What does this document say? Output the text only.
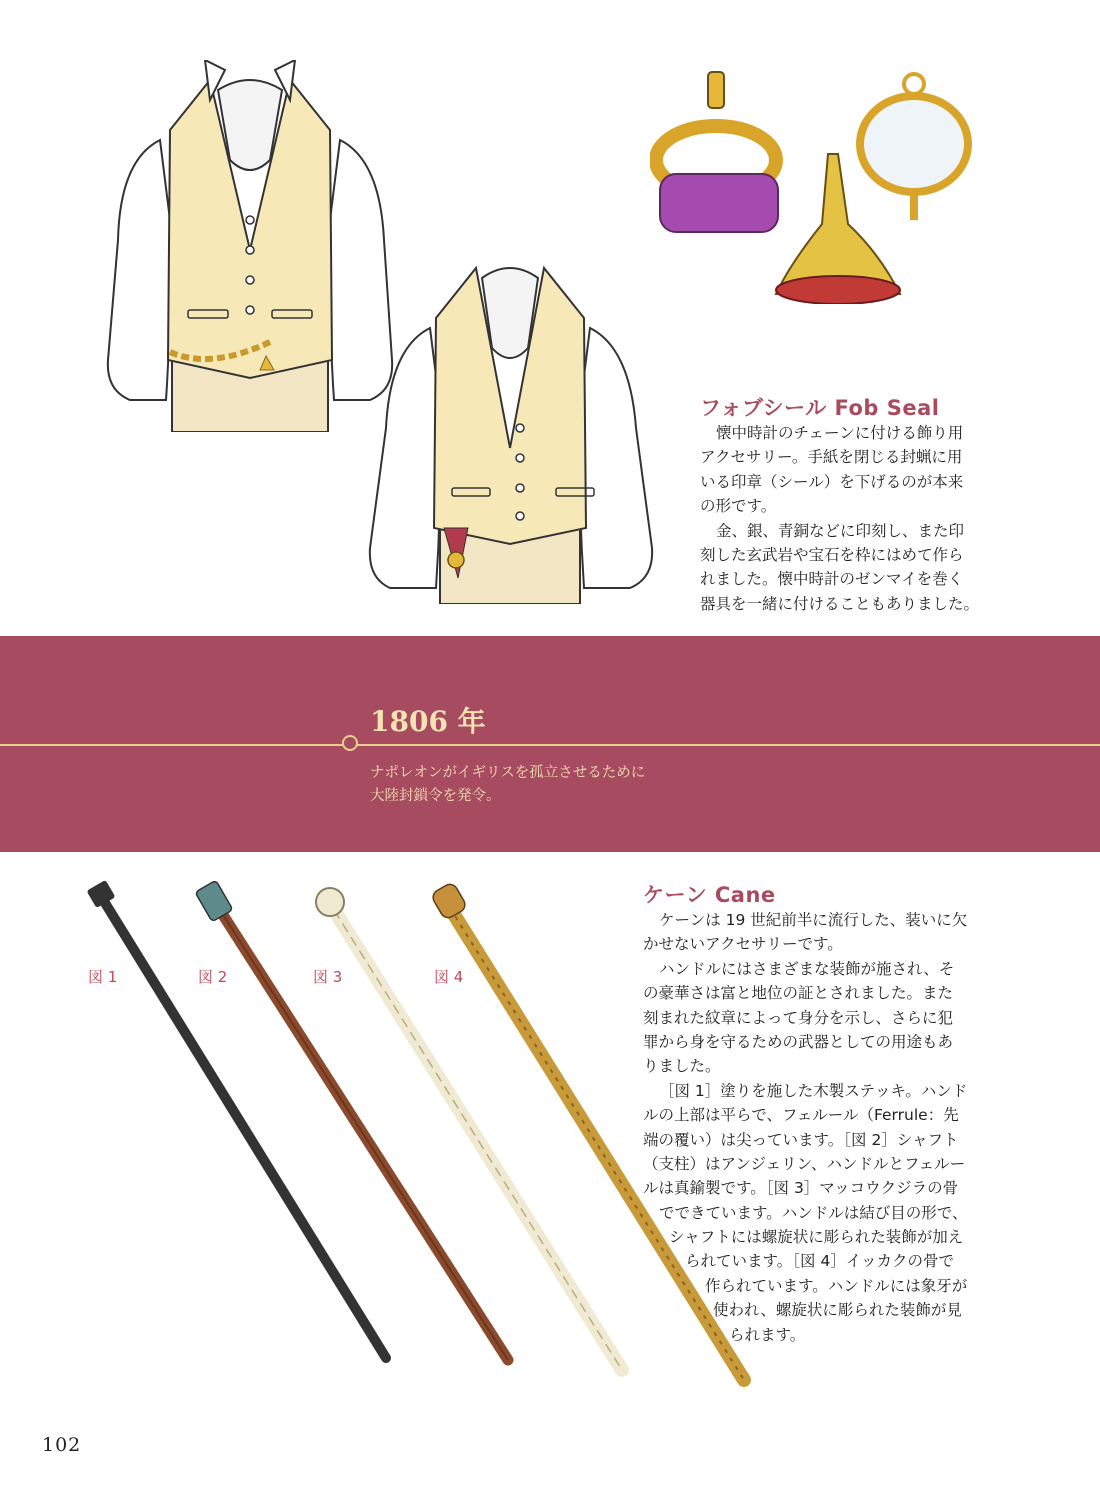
フォブシール Fob Seal
懐中時計のチェーンに付ける飾り用
アクセサリー。手紙を閉じる封蝋に用
いる印章（シール）を下げるのが本来
の形です。
金、銀、青銅などに印刻し、また印
刻した玄武岩や宝石を枠にはめて作ら
れました。懐中時計のゼンマイを巻く
器具を一緒に付けることもありました。
1806 年
ナポレオンがイギリスを孤立させるために
大陸封鎖令を発令。
図 1	図 2	図 3	図 4
ケーン Cane
ケーンは 19 世紀前半に流行した、装いに欠
かせないアクセサリーです。
ハンドルにはさまざまな装飾が施され、そ
の豪華さは富と地位の証とされました。また
刻まれた紋章によって身分を示し、さらに犯
罪から身を守るための武器としての用途もあ
りました。
［図 1］塗りを施した木製ステッキ。ハンド
ルの上部は平らで、フェルール（Ferrule：先
端の覆い）は尖っています。［図 2］シャフト
（支柱）はアンジェリン、ハンドルとフェルー
ルは真鍮製です。［図 3］マッコウクジラの骨
でできています。ハンドルは結び目の形で、
シャフトには螺旋状に彫られた装飾が加え
られています。［図 4］イッカクの骨で
作られています。ハンドルには象牙が
使われ、螺旋状に彫られた装飾が見
られます。
102
